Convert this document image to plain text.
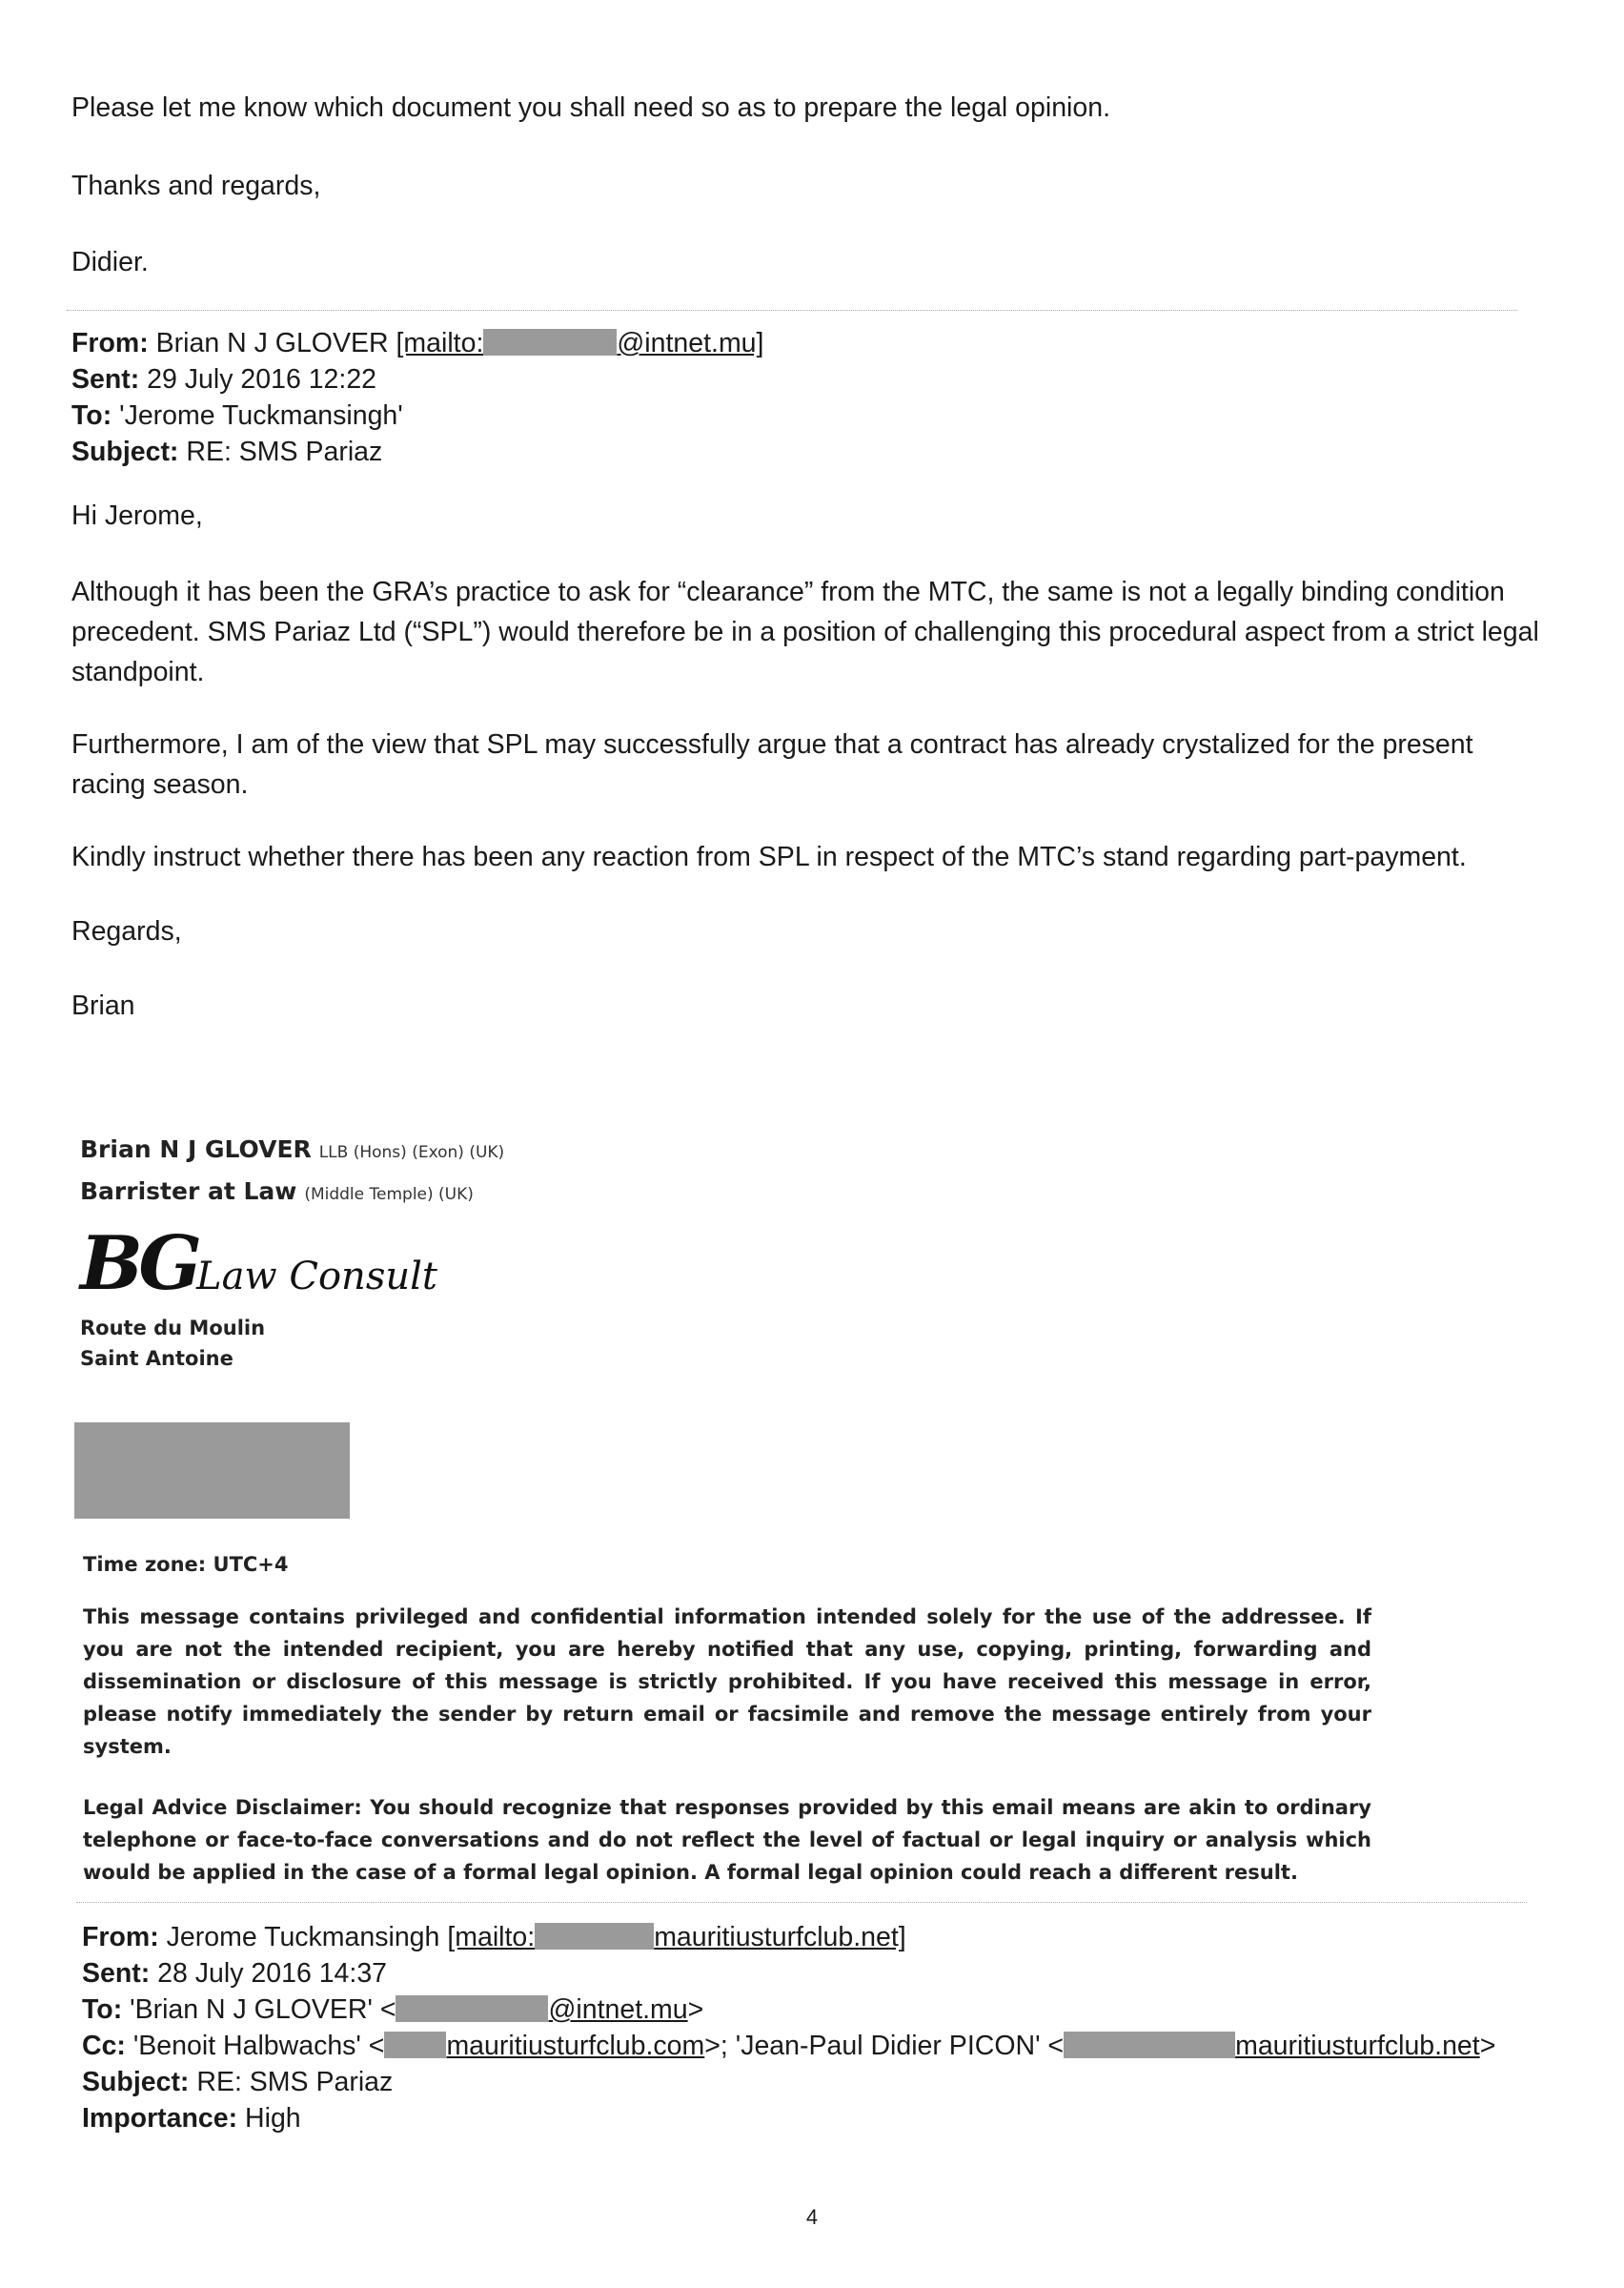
Please let me know which document you shall need so as to prepare the legal opinion.

Thanks and regards,

Didier.

From: Brian N J GLOVER [mailto:	@intnet.mu]
Sent: 29 July 2016 12:22
To: 'Jerome Tuckmansingh'
Subject: RE: SMS Pariaz

Hi Jerome,

Although it has been the GRA’s practice to ask for “clearance” from the MTC, the same is not a legally binding condition precedent. SMS Pariaz Ltd (“SPL”) would therefore be in a position of challenging this procedural aspect from a strict legal standpoint.

Furthermore, I am of the view that SPL may successfully argue that a contract has already crystalized for the present racing season.

Kindly instruct whether there has been any reaction from SPL in respect of the MTC’s stand regarding part-payment.

Regards,

Brian

Brian N J GLOVER LLB (Hons) (Exon) (UK)
Barrister at Law (Middle Temple) (UK)
BGLaw Consult
Route du Moulin
Saint Antoine
Time zone: UTC+4

This message contains privileged and confidential information intended solely for the use of the addressee. If you are not the intended recipient, you are hereby notified that any use, copying, printing, forwarding and dissemination or disclosure of this message is strictly prohibited. If you have received this message in error, please notify immediately the sender by return email or facsimile and remove the message entirely from your system.

Legal Advice Disclaimer: You should recognize that responses provided by this email means are akin to ordinary telephone or face-to-face conversations and do not reflect the level of factual or legal inquiry or analysis which would be applied in the case of a formal legal opinion. A formal legal opinion could reach a different result.

From: Jerome Tuckmansingh [mailto:	mauritiusturfclub.net]
Sent: 28 July 2016 14:37
To: 'Brian N J GLOVER' <	@intnet.mu>
Cc: 'Benoit Halbwachs' < mauritiusturfclub.com>; 'Jean-Paul Didier PICON' <	mauritiusturfclub.net>
Subject: RE: SMS Pariaz
Importance: High
4
